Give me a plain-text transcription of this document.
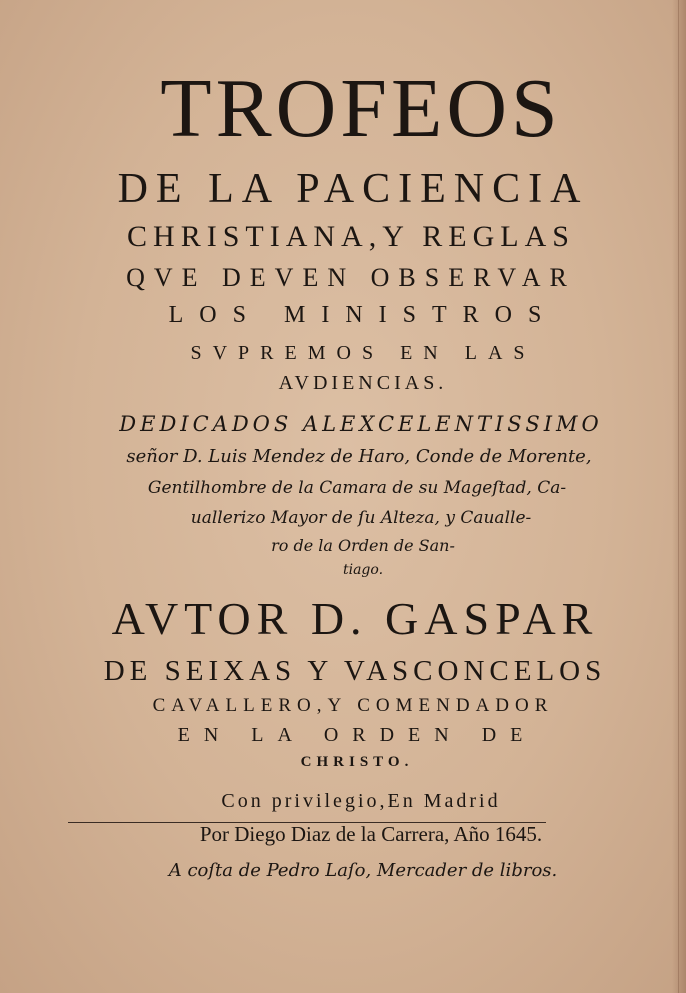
TROFEOS
DE LA PACIENCIA
CHRISTIANA,Y REGLAS
QVE DEVEN OBSERVAR
LOS MINISTROS
SVPREMOS EN LAS
AVDIENCIAS.
DEDICADOS ALEXCELENTISSIMO
señor D. Luis Mendez de Haro, Conde de Morente,
Gentilhombre de la Camara de su Mageſtad, Ca-
uallerizo Mayor de ſu Alteza, y Caualle-
ro de la Orden de San-
tiago.
AVTOR D. GASPAR
DE SEIXAS Y VASCONCELOS
CAVALLERO,Y COMENDADOR
EN LA ORDEN DE
CHRISTO.
Con privilegio,En Madrid
Por Diego Diaz de la Carrera, Año 1645.
A coſta de Pedro Laſo, Mercader de libros.
